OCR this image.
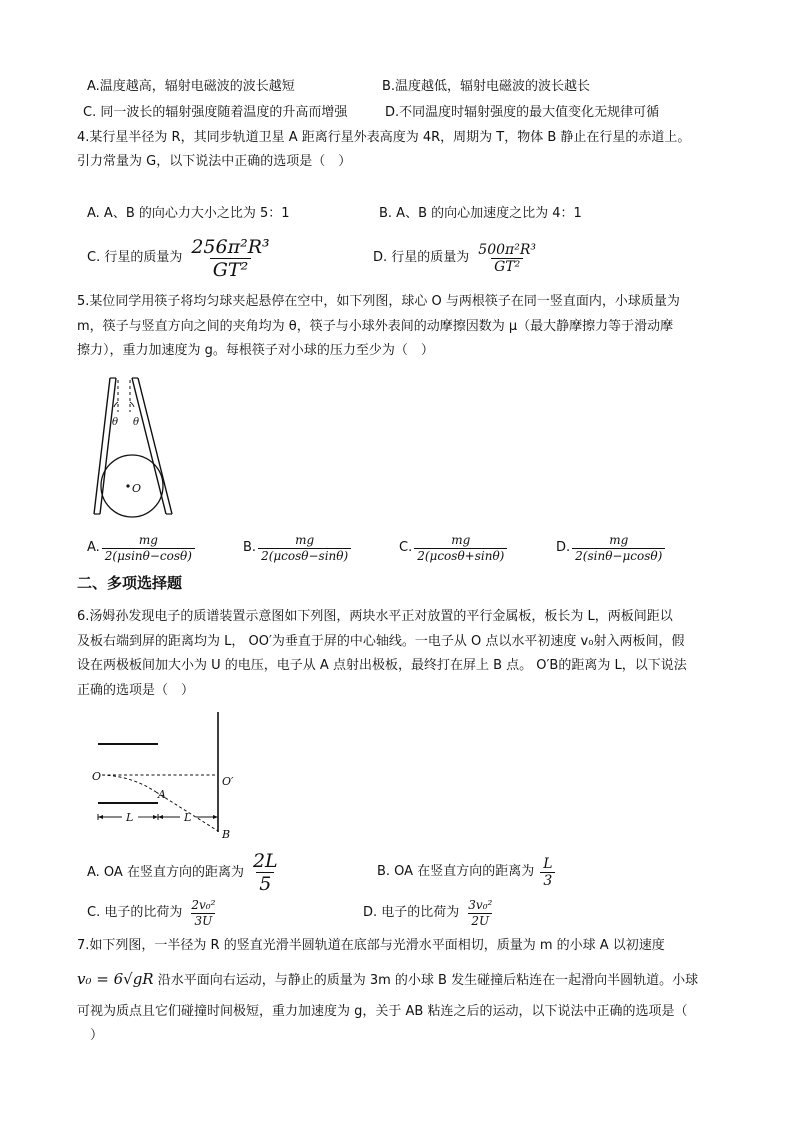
A.温度越高，辐射电磁波的波长越短	B.温度越低，辐射电磁波的波长越长
C. 同一波长的辐射强度随着温度的升高而增强	D.不同温度时辐射强度的最大值变化无规律可循
4.某行星半径为 R，其同步轨道卫星 A 距离行星外表高度为 4R，周期为 T，物体 B 静止在行星的赤道上。
引力常量为 G，以下说法中正确的选项是（　）
A. A、B 的向心力大小之比为 5：1	B. A、B 的向心加速度之比为 4：1
C. 行星的质量为 $\frac{\text{256π²R³}}{\text{GT²}}$	D. 行星的质量为 $\frac{\text{500π²R³}}{\text{GT²}}$
5.某位同学用筷子将均匀球夹起悬停在空中，如下列图，球心 O 与两根筷子在同一竖直面内，小球质量为
m，筷子与竖直方向之间的夹角均为 θ，筷子与小球外表间的动摩擦因数为 μ（最大静摩擦力等于滑动摩
擦力），重力加速度为 g。每根筷子对小球的压力至少为（　）
θ θ
O
A. $\frac{mg}{2(\mu\sin\theta-\cos\theta)}$	B. $\frac{mg}{2(\mu\cos\theta-\sin\theta)}$	C. $\frac{mg}{2(\mu\cos\theta+\sin\theta)}$	D. $\frac{mg}{2(\sin\theta-\mu\cos\theta)}$
二、多项选择题
6.汤姆孙发现电子的质谱装置示意图如下列图，两块水平正对放置的平行金属板，板长为 L，两板间距以
及板右端到屏的距离均为 L， OO′为垂直于屏的中心轴线。一电子从 O 点以水平初速度 v₀射入两板间，假
设在两极板间加大小为 U 的电压，电子从 A 点射出极板，最终打在屏上 B 点。 O′B的距离为 L，以下说法
正确的选项是（　）
O	O′
A
B
L	L
A. OA 在竖直方向的距离为 $\frac{2L}{5}$	B. OA 在竖直方向的距离为 $\frac{L}{3}$
C. 电子的比荷为 $\frac{\text{2v₀²}}{3U}$	D. 电子的比荷为 $\frac{\text{3v₀²}}{2U}$
7.如下列图，一半径为 R 的竖直光滑半圆轨道在底部与光滑水平面相切，质量为 m 的小球 A 以初速度
v₀ = 6√gR 沿水平面向右运动，与静止的质量为 3m 的小球 B 发生碰撞后粘连在一起滑向半圆轨道。小球
可视为质点且它们碰撞时间极短，重力加速度为 g，关于 AB 粘连之后的运动，以下说法中正确的选项是（
　）
